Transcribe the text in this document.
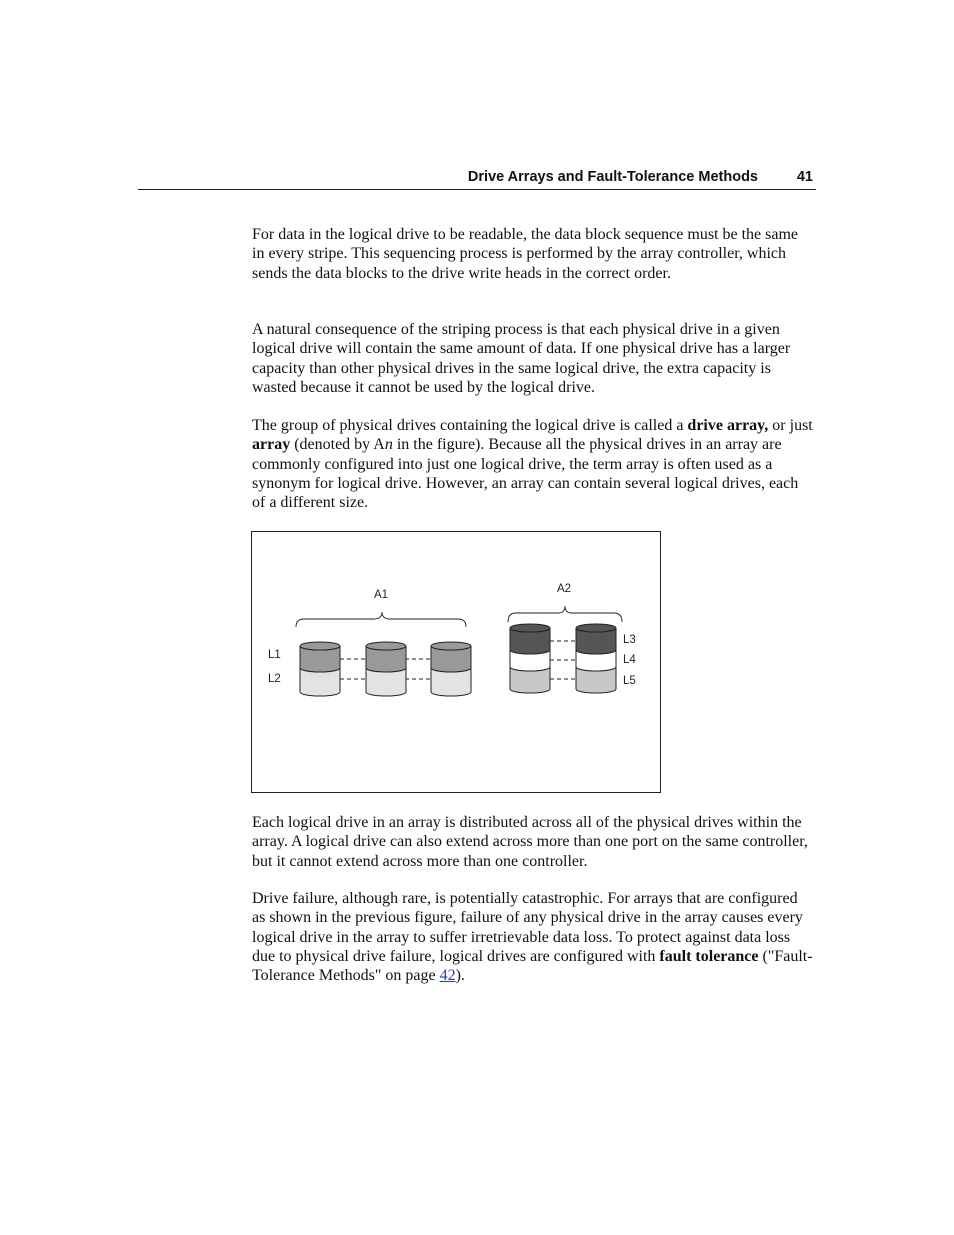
Drive Arrays and Fault-Tolerance Methods	41

For data in the logical drive to be readable, the data block sequence must be the same in every stripe. This sequencing process is performed by the array controller, which sends the data blocks to the drive write heads in the correct order.

A natural consequence of the striping process is that each physical drive in a given logical drive will contain the same amount of data. If one physical drive has a larger capacity than other physical drives in the same logical drive, the extra capacity is wasted because it cannot be used by the logical drive.

The group of physical drives containing the logical drive is called a drive array, or just array (denoted by An in the figure). Because all the physical drives in an array are commonly configured into just one logical drive, the term array is often used as a synonym for logical drive. However, an array can contain several logical drives, each of a different size.

A1	A2
L1
L2
L3
L4
L5

Each logical drive in an array is distributed across all of the physical drives within the array. A logical drive can also extend across more than one port on the same controller, but it cannot extend across more than one controller.

Drive failure, although rare, is potentially catastrophic. For arrays that are configured as shown in the previous figure, failure of any physical drive in the array causes every logical drive in the array to suffer irretrievable data loss. To protect against data loss due to physical drive failure, logical drives are configured with fault tolerance ("Fault-Tolerance Methods" on page 42).
